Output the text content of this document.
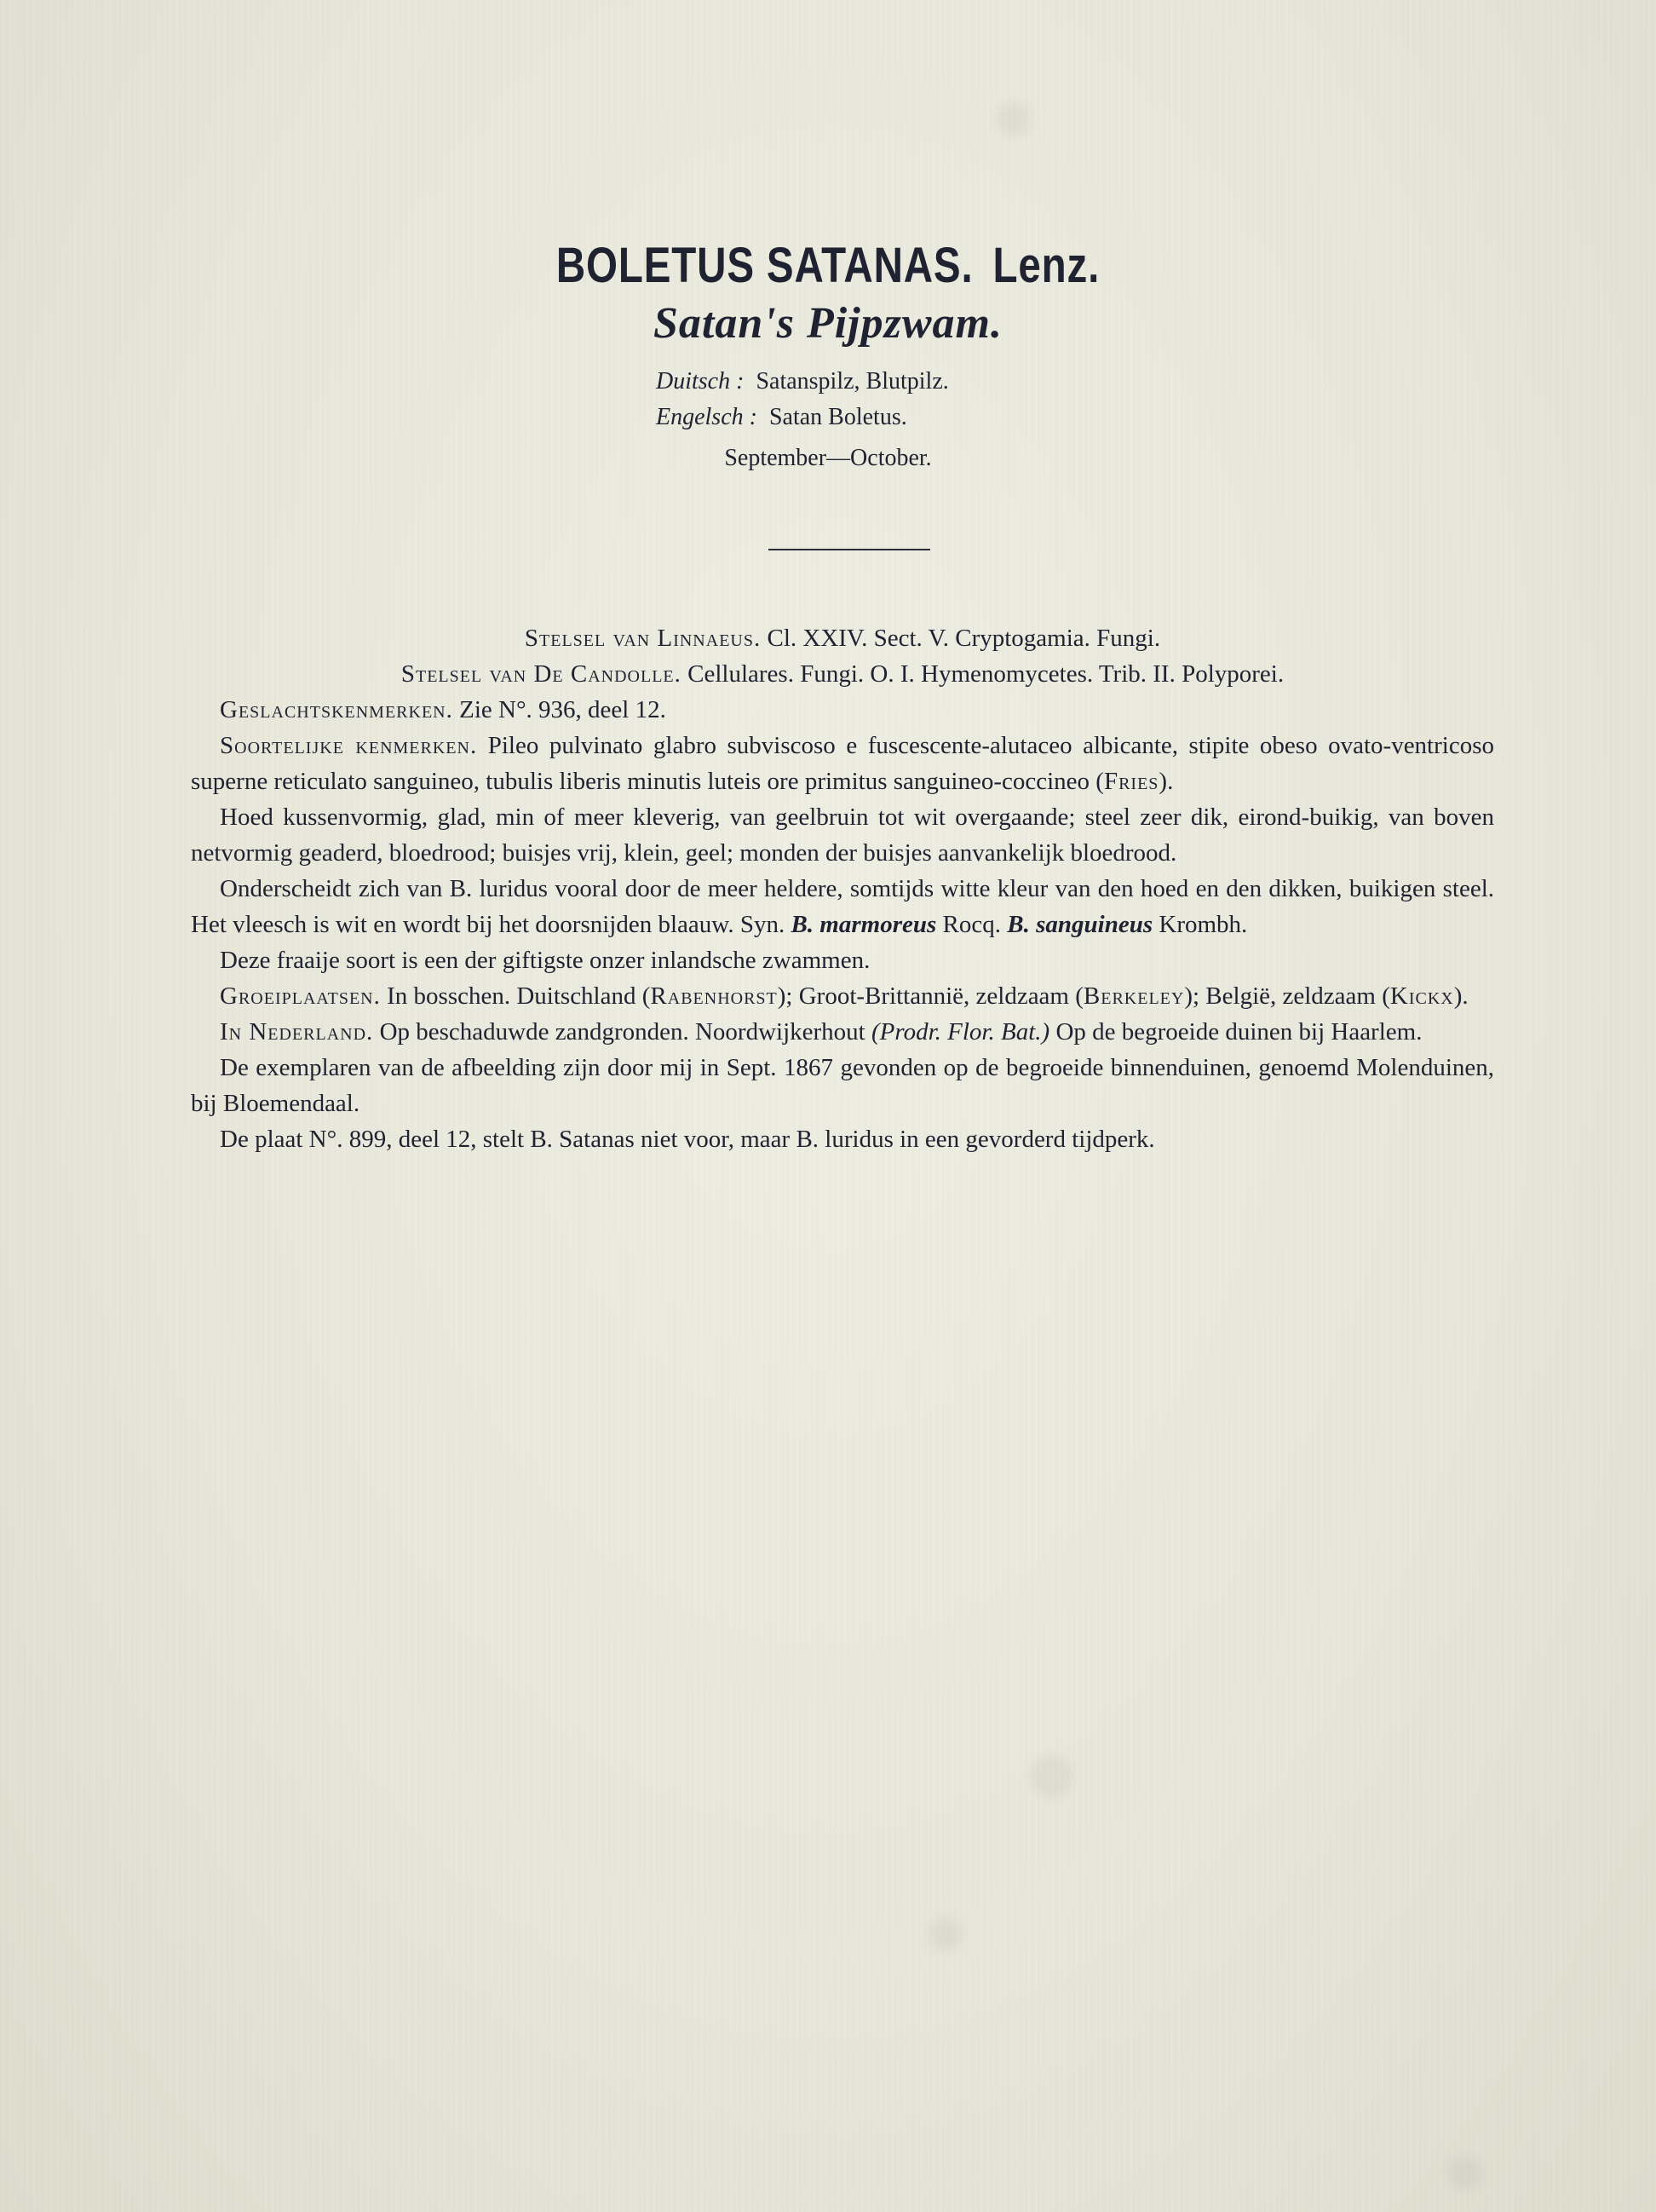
BOLETUS SATANAS. Lenz.
Satan's Pijpzwam.
Duitsch : Satanspilz, Blutpilz.
Engelsch : Satan Boletus.
September—October.

Stelsel van Linnaeus. Cl. XXIV. Sect. V. Cryptogamia. Fungi.

Stelsel van De Candolle. Cellulares. Fungi. O. I. Hymenomycetes. Trib. II. Polyporei.

Geslachtskenmerken. Zie N°. 936, deel 12.

Soortelijke kenmerken. Pileo pulvinato glabro subviscoso e fuscescente-alutaceo albicante, stipite obeso ovato-ventricoso superne reticulato sanguineo, tubulis liberis minutis luteis ore primitus sanguineo-coccineo (Fries).

Hoed kussenvormig, glad, min of meer kleverig, van geelbruin tot wit overgaande; steel zeer dik, eirond-buikig, van boven netvormig geaderd, bloedrood; buisjes vrij, klein, geel; monden der buisjes aanvankelijk bloedrood.

Onderscheidt zich van B. luridus vooral door de meer heldere, somtijds witte kleur van den hoed en den dikken, buikigen steel. Het vleesch is wit en wordt bij het doorsnijden blaauw. Syn. B. marmoreus Rocq. B. sanguineus Krombh.

Deze fraaije soort is een der giftigste onzer inlandsche zwammen.

Groeiplaatsen. In bosschen. Duitschland (Rabenhorst); Groot-Brittannië, zeldzaam (Berkeley); België, zeldzaam (Kickx).

In Nederland. Op beschaduwde zandgronden. Noordwijkerhout (Prodr. Flor. Bat.) Op de begroeide duinen bij Haarlem.

De exemplaren van de afbeelding zijn door mij in Sept. 1867 gevonden op de begroeide binnenduinen, genoemd Molenduinen, bij Bloemendaal.

De plaat N°. 899, deel 12, stelt B. Satanas niet voor, maar B. luridus in een gevorderd tijdperk.
